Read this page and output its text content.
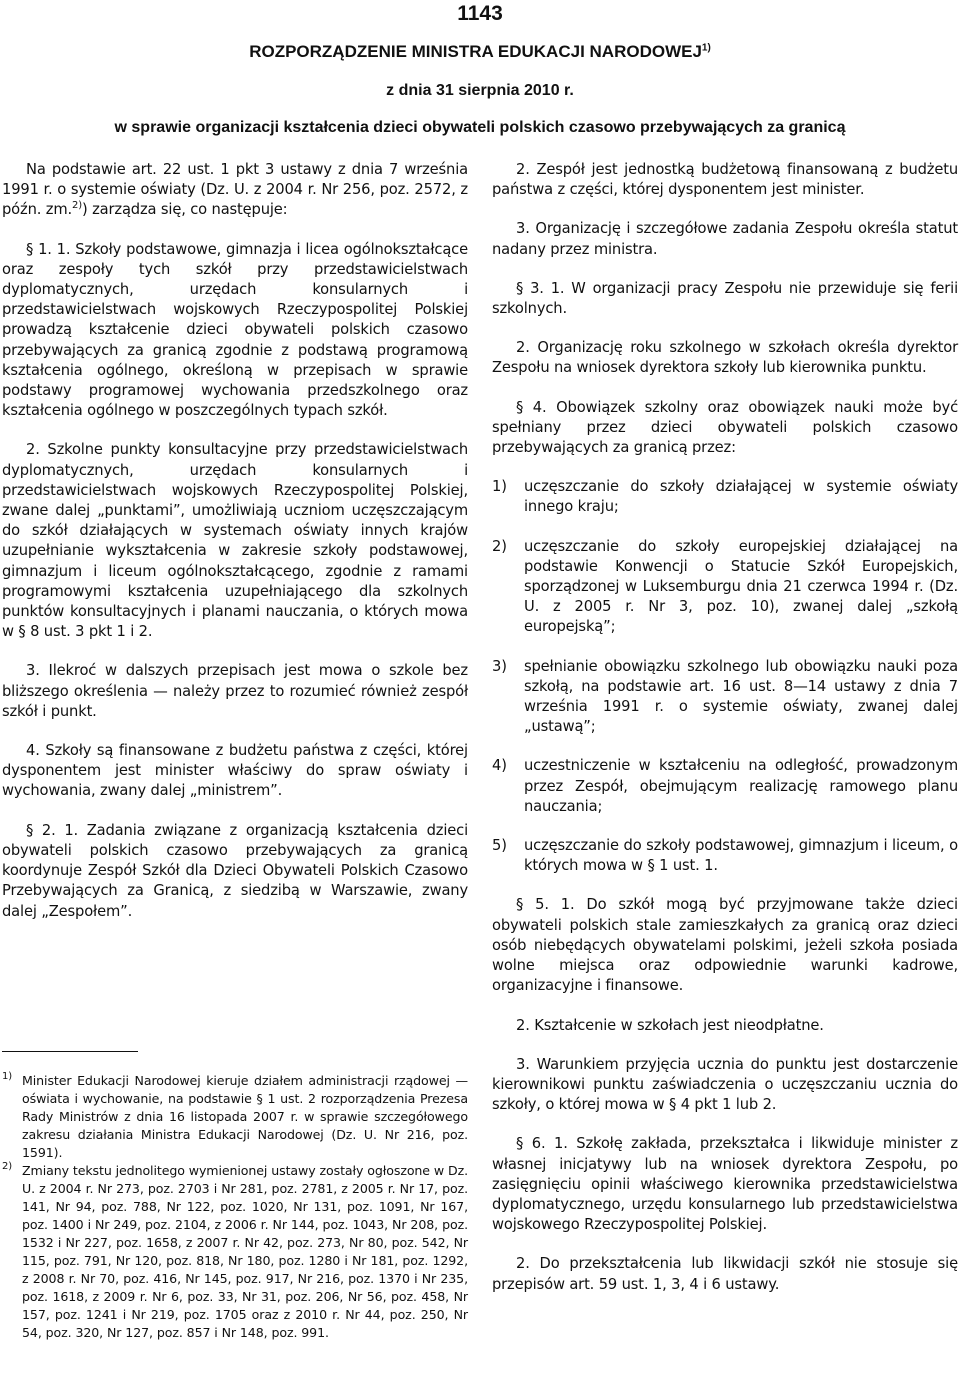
1143
ROZPORZĄDZENIE MINISTRA EDUKACJI NARODOWEJ$^{1)}$
z dnia 31 sierpnia 2010 r.
w sprawie organizacji kształcenia dzieci obywateli polskich czasowo przebywających za granicą

Na podstawie art. 22 ust. 1 pkt 3 ustawy z dnia 7 września 1991 r. o systemie oświaty (Dz. U. z 2004 r. Nr 256, poz. 2572, z późn. zm.$^{2)}$) zarządza się, co następuje:

§ 1. 1. Szkoły podstawowe, gimnazja i licea ogólnokształcące oraz zespoły tych szkół przy przedstawicielstwach dyplomatycznych, urzędach konsularnych i przedstawicielstwach wojskowych Rzeczypospolitej Polskiej prowadzą kształcenie dzieci obywateli polskich czasowo przebywających za granicą zgodnie z podstawą programową kształcenia ogólnego, określoną w przepisach w sprawie podstawy programowej wychowania przedszkolnego oraz kształcenia ogólnego w poszczególnych typach szkół.

2. Szkolne punkty konsultacyjne przy przedstawicielstwach dyplomatycznych, urzędach konsularnych i przedstawicielstwach wojskowych Rzeczypospolitej Polskiej, zwane dalej „punktami”, umożliwiają uczniom uczęszczającym do szkół działających w systemach oświaty innych krajów uzupełnianie wykształcenia w zakresie szkoły podstawowej, gimnazjum i liceum ogólnokształcącego, zgodnie z ramami programowymi kształcenia uzupełniającego dla szkolnych punktów konsultacyjnych i planami nauczania, o których mowa w § 8 ust. 3 pkt 1 i 2.

3. Ilekroć w dalszych przepisach jest mowa o szkole bez bliższego określenia — należy przez to rozumieć również zespół szkół i punkt.

4. Szkoły są finansowane z budżetu państwa z części, której dysponentem jest minister właściwy do spraw oświaty i wychowania, zwany dalej „ministrem”.

§ 2. 1. Zadania związane z organizacją kształcenia dzieci obywateli polskich czasowo przebywających za granicą koordynuje Zespół Szkół dla Dzieci Obywateli Polskich Czasowo Przebywających za Granicą, z siedzibą w Warszawie, zwany dalej „Zespołem”.

1) Minister Edukacji Narodowej kieruje działem administracji rządowej — oświata i wychowanie, na podstawie § 1 ust. 2 rozporządzenia Prezesa Rady Ministrów z dnia 16 listopada 2007 r. w sprawie szczegółowego zakresu działania Ministra Edukacji Narodowej (Dz. U. Nr 216, poz. 1591).

2) Zmiany tekstu jednolitego wymienionej ustawy zostały ogłoszone w Dz. U. z 2004 r. Nr 273, poz. 2703 i Nr 281, poz. 2781, z 2005 r. Nr 17, poz. 141, Nr 94, poz. 788, Nr 122, poz. 1020, Nr 131, poz. 1091, Nr 167, poz. 1400 i Nr 249, poz. 2104, z 2006 r. Nr 144, poz. 1043, Nr 208, poz. 1532 i Nr 227, poz. 1658, z 2007 r. Nr 42, poz. 273, Nr 80, poz. 542, Nr 115, poz. 791, Nr 120, poz. 818, Nr 180, poz. 1280 i Nr 181, poz. 1292, z 2008 r. Nr 70, poz. 416, Nr 145, poz. 917, Nr 216, poz. 1370 i Nr 235, poz. 1618, z 2009 r. Nr 6, poz. 33, Nr 31, poz. 206, Nr 56, poz. 458, Nr 157, poz. 1241 i Nr 219, poz. 1705 oraz z 2010 r. Nr 44, poz. 250, Nr 54, poz. 320, Nr 127, poz. 857 i Nr 148, poz. 991.

2. Zespół jest jednostką budżetową finansowaną z budżetu państwa z części, której dysponentem jest minister.

3. Organizację i szczegółowe zadania Zespołu określa statut nadany przez ministra.

§ 3. 1. W organizacji pracy Zespołu nie przewiduje się ferii szkolnych.

2. Organizację roku szkolnego w szkołach określa dyrektor Zespołu na wniosek dyrektora szkoły lub kierownika punktu.

§ 4. Obowiązek szkolny oraz obowiązek nauki może być spełniany przez dzieci obywateli polskich czasowo przebywających za granicą przez:

1) uczęszczanie do szkoły działającej w systemie oświaty innego kraju;

2) uczęszczanie do szkoły europejskiej działającej na podstawie Konwencji o Statucie Szkół Europejskich, sporządzonej w Luksemburgu dnia 21 czerwca 1994 r. (Dz. U. z 2005 r. Nr 3, poz. 10), zwanej dalej „szkołą europejską”;

3) spełnianie obowiązku szkolnego lub obowiązku nauki poza szkołą, na podstawie art. 16 ust. 8—14 ustawy z dnia 7 września 1991 r. o systemie oświaty, zwanej dalej „ustawą”;

4) uczestniczenie w kształceniu na odległość, prowadzonym przez Zespół, obejmującym realizację ramowego planu nauczania;

5) uczęszczanie do szkoły podstawowej, gimnazjum i liceum, o których mowa w § 1 ust. 1.

§ 5. 1. Do szkół mogą być przyjmowane także dzieci obywateli polskich stale zamieszkałych za granicą oraz dzieci osób niebędących obywatelami polskimi, jeżeli szkoła posiada wolne miejsca oraz odpowiednie warunki kadrowe, organizacyjne i finansowe.

2. Kształcenie w szkołach jest nieodpłatne.

3. Warunkiem przyjęcia ucznia do punktu jest dostarczenie kierownikowi punktu zaświadczenia o uczęszczaniu ucznia do szkoły, o której mowa w § 4 pkt 1 lub 2.

§ 6. 1. Szkołę zakłada, przekształca i likwiduje minister z własnej inicjatywy lub na wniosek dyrektora Zespołu, po zasięgnięciu opinii właściwego kierownika przedstawicielstwa dyplomatycznego, urzędu konsularnego lub przedstawicielstwa wojskowego Rzeczypospolitej Polskiej.

2. Do przekształcenia lub likwidacji szkół nie stosuje się przepisów art. 59 ust. 1, 3, 4 i 6 ustawy.
